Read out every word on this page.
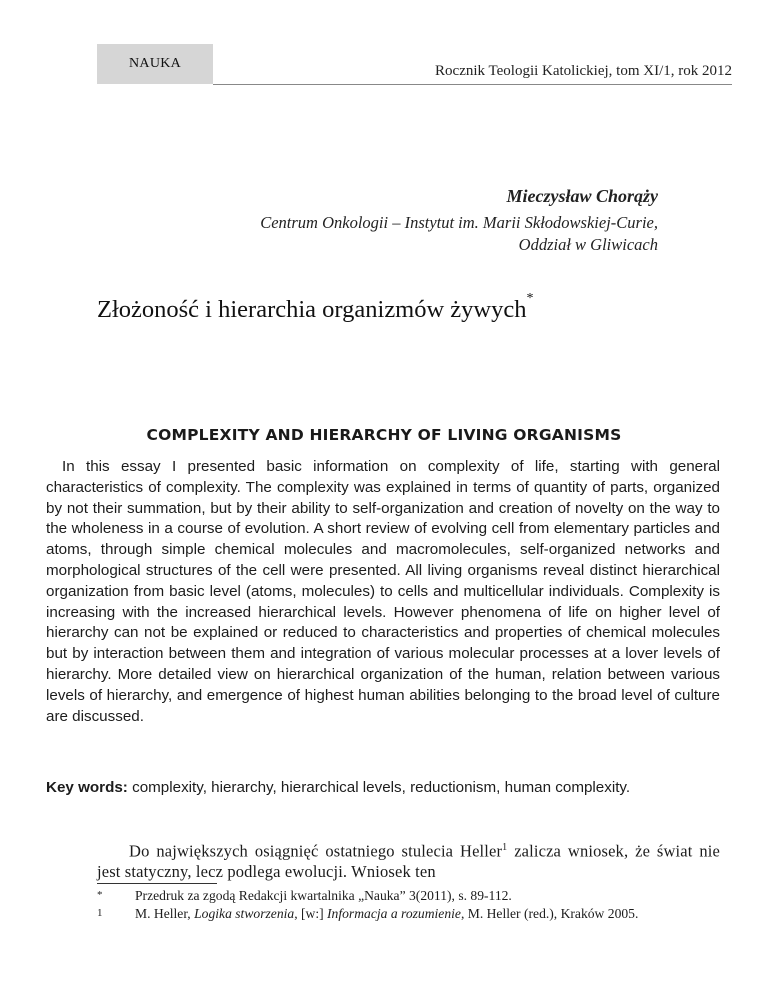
NAUKA	Rocznik Teologii Katolickiej, tom XI/1, rok 2012
Mieczysław Chorąży
Centrum Onkologii – Instytut im. Marii Skłodowskiej-Curie,
Oddział w Gliwicach
Złożoność i hierarchia organizmów żywych*
COMPLEXITY AND HIERARCHY OF LIVING ORGANISMS

In this essay I presented basic information on complexity of life, starting with general characteristics of complexity. The complexity was explained in terms of quantity of parts, organized by not their summation, but by their ability to self-organization and creation of novelty on the way to the wholeness in a course of evolution. A short review of evolving cell from elementary particles and atoms, through simple chemical molecules and macromolecules, self-organized networks and morphological structures of the cell were presented. All living organisms reveal distinct hierarchical organization from basic level (atoms, molecules) to cells and multicellular individuals. Complexity is increasing with the increased hierarchical levels. However phenomena of life on higher level of hierarchy can not be explained or reduced to characteristics and properties of chemical molecules but by interaction between them and integration of various molecular processes at a lover levels of hierarchy. More detailed view on hierarchical organization of the human, relation between various levels of hierarchy, and emergence of highest human abilities belonging to the broad level of culture are discussed.

Key words: complexity, hierarchy, hierarchical levels, reductionism, human complexity.

Do największych osiągnięć ostatniego stulecia Heller$^1$ zalicza wniosek, że świat nie jest statyczny, lecz podlega ewolucji. Wniosek ten

*	Przedruk za zgodą Redakcji kwartalnika „Nauka” 3(2011), s. 89-112.
1	M. Heller, Logika stworzenia, [w:] Informacja a rozumienie, M. Heller (red.), Kraków 2005.
